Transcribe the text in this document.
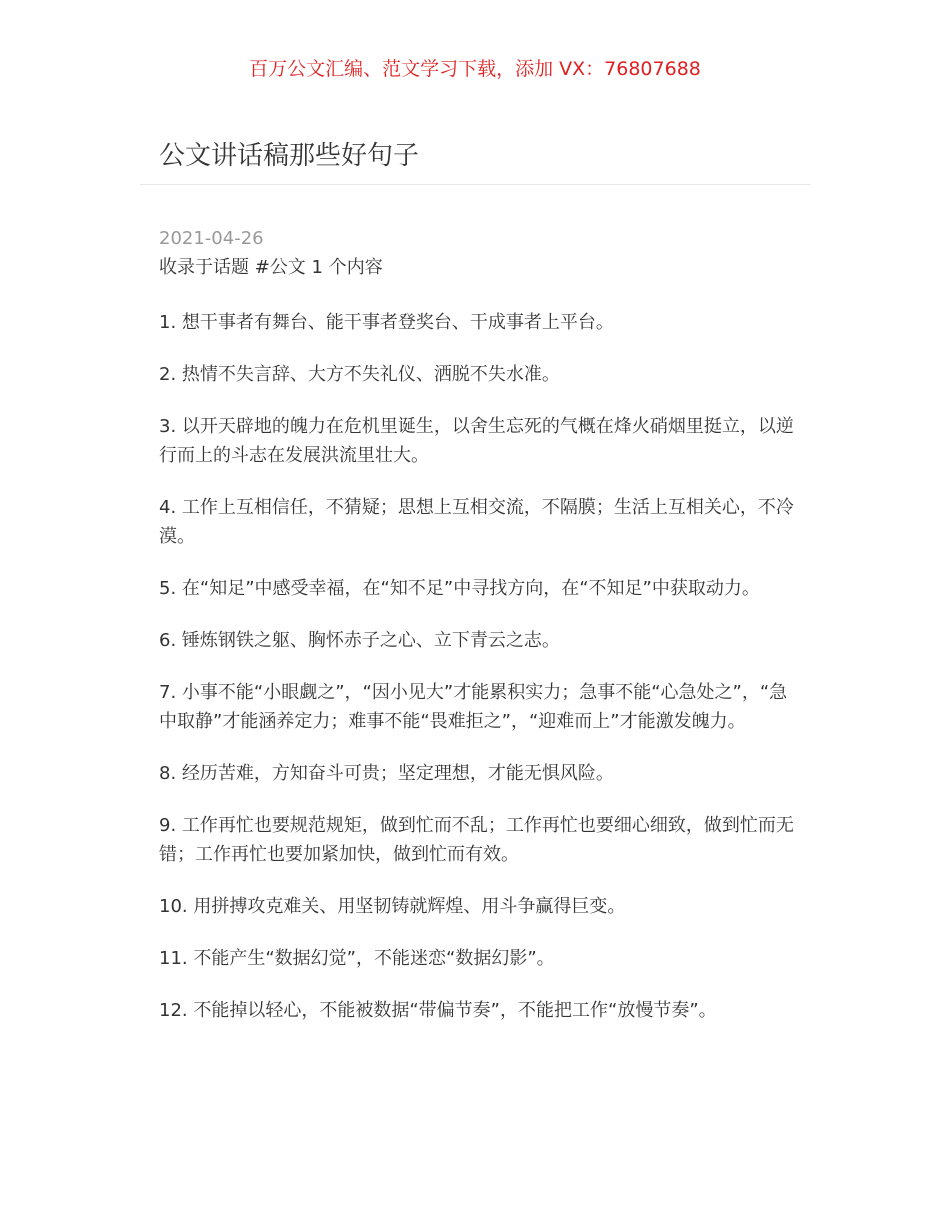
百万公文汇编、范文学习下载，添加 VX：76807688
公文讲话稿那些好句子
2021-04-26
收录于话题 #公文 1 个内容
1. 想干事者有舞台、能干事者登奖台、干成事者上平台。
2. 热情不失言辞、大方不失礼仪、洒脱不失水准。
3. 以开天辟地的魄力在危机里诞生，以舍生忘死的气概在烽火硝烟里挺立，以逆行而上的斗志在发展洪流里壮大。
4. 工作上互相信任，不猜疑；思想上互相交流，不隔膜；生活上互相关心，不冷漠。
5. 在“知足”中感受幸福，在“知不足”中寻找方向，在“不知足”中获取动力。
6. 锤炼钢铁之躯、胸怀赤子之心、立下青云之志。
7. 小事不能“小眼觑之”，“因小见大”才能累积实力；急事不能“心急处之”，“急中取静”才能涵养定力；难事不能“畏难拒之”，“迎难而上”才能激发魄力。
8. 经历苦难，方知奋斗可贵；坚定理想，才能无惧风险。
9. 工作再忙也要规范规矩，做到忙而不乱；工作再忙也要细心细致，做到忙而无错；工作再忙也要加紧加快，做到忙而有效。
10. 用拼搏攻克难关、用坚韧铸就辉煌、用斗争赢得巨变。
11. 不能产生“数据幻觉”，不能迷恋“数据幻影”。
12. 不能掉以轻心，不能被数据“带偏节奏”，不能把工作“放慢节奏”。
